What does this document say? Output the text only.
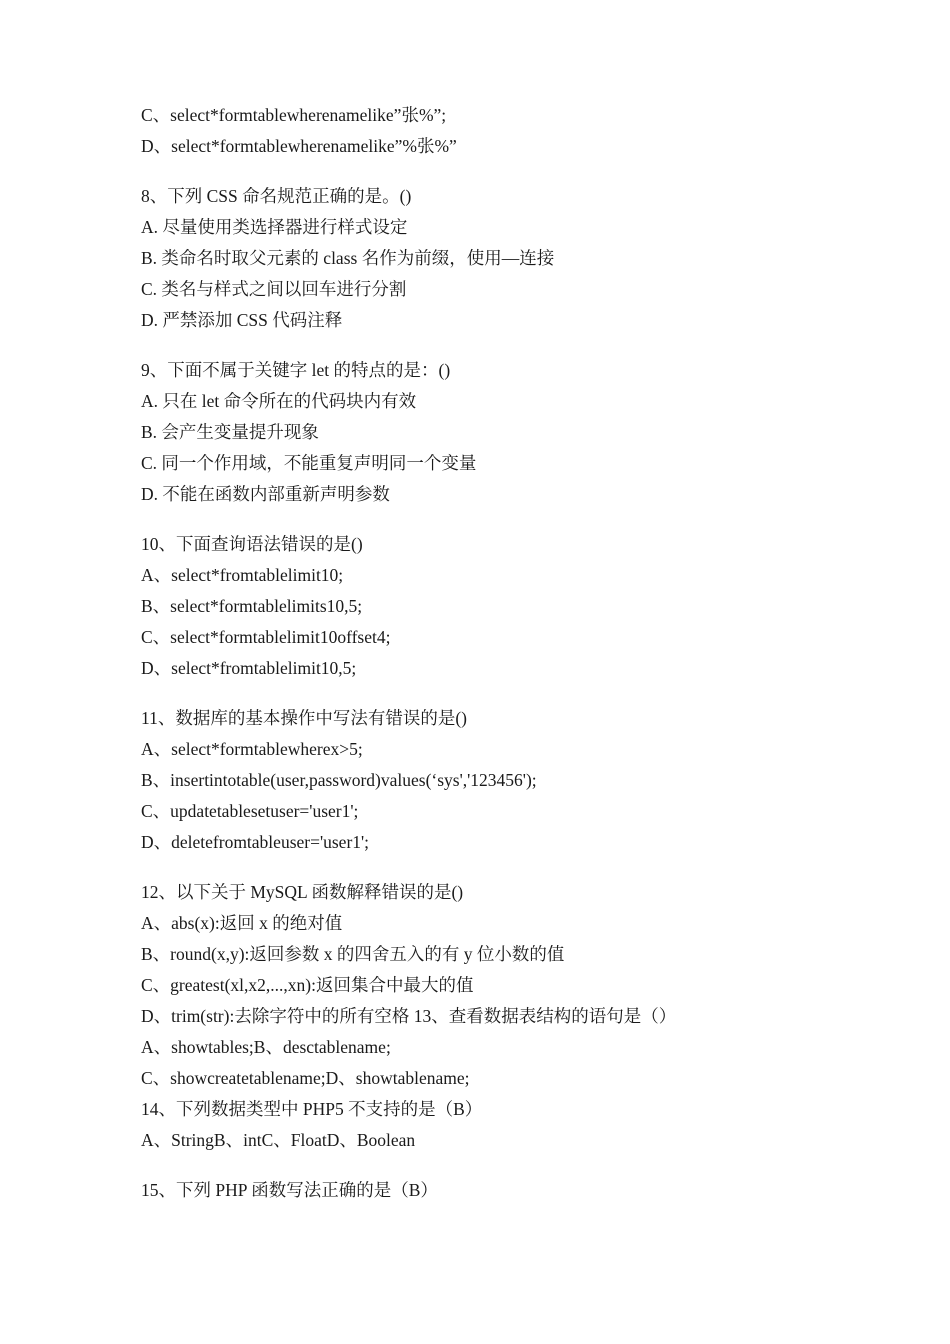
C、select*formtablewherenamelike”张%”;
D、select*formtablewherenamelike”%张%”
8、下列 CSS 命名规范正确的是。()
A. 尽量使用类选择器进行样式设定
B. 类命名时取父元素的 class 名作为前缀，使用—连接
C. 类名与样式之间以回车进行分割
D. 严禁添加 CSS 代码注释
9、下面不属于关键字 let 的特点的是：()
A. 只在 let 命令所在的代码块内有效
B. 会产生变量提升现象
C. 同一个作用域，不能重复声明同一个变量
D. 不能在函数内部重新声明参数
10、下面查询语法错误的是()
A、select*fromtablelimit10;
B、select*formtablelimits10,5;
C、select*formtablelimit10offset4;
D、select*fromtablelimit10,5;
11、数据库的基本操作中写法有错误的是()
A、select*formtablewherex>5;
B、insertintotable(user,password)values(‘sys','123456');
C、updatetablesetuser='user1';
D、deletefromtableuser='user1';
12、以下关于 MySQL 函数解释错误的是()
A、abs(x):返回 x 的绝对值
B、round(x,y):返回参数 x 的四舍五入的有 y 位小数的值
C、greatest(xl,x2,...,xn):返回集合中最大的值
D、trim(str):去除字符中的所有空格 13、查看数据表结构的语句是（）
A、showtables;B、desctablename;
C、showcreatetablename;D、showtablename;
14、下列数据类型中 PHP5 不支持的是（B）
A、StringB、intC、FloatD、Boolean
15、下列 PHP 函数写法正确的是（B）
